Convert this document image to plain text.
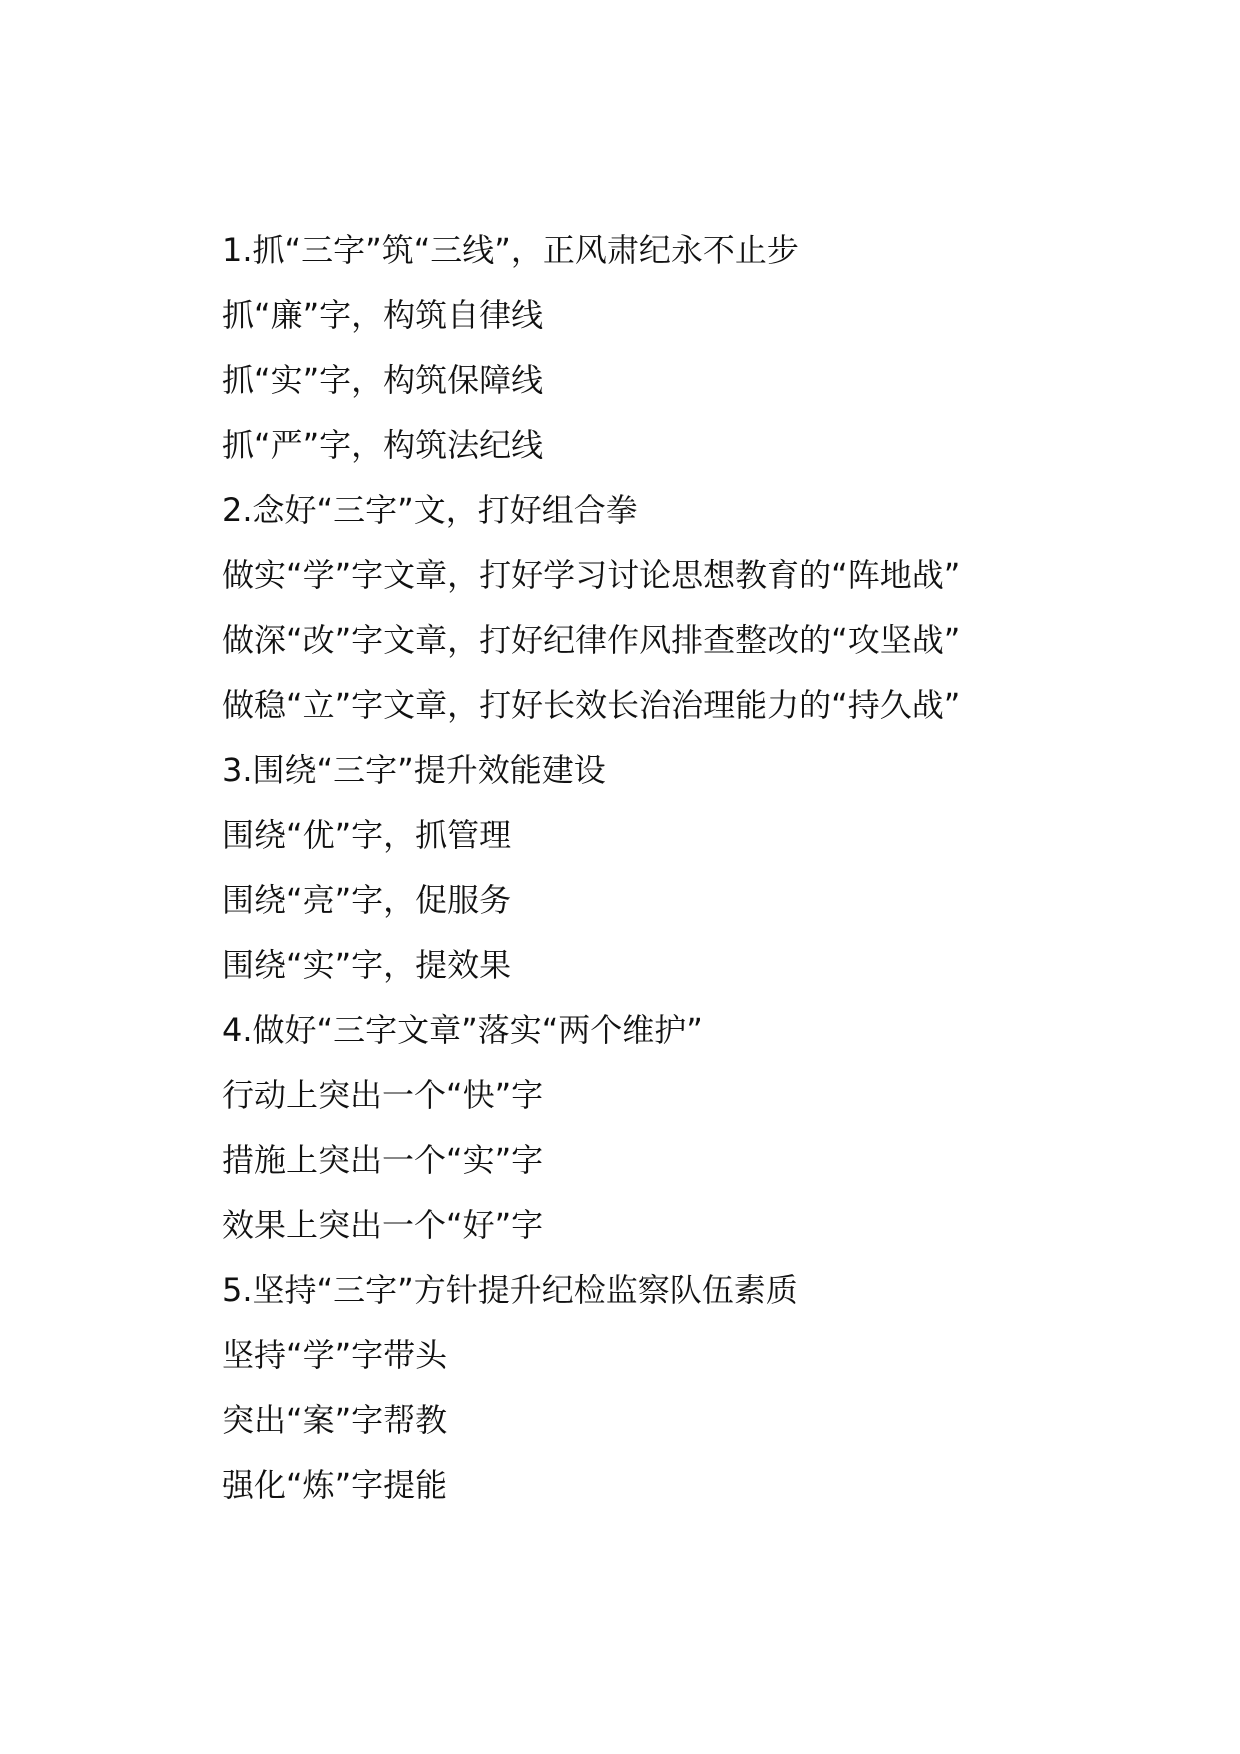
1.抓“三字”筑“三线”，正风肃纪永不止步
抓“廉”字，构筑自律线
抓“实”字，构筑保障线
抓“严”字，构筑法纪线
2.念好“三字”文，打好组合拳
做实“学”字文章，打好学习讨论思想教育的“阵地战”
做深“改”字文章，打好纪律作风排查整改的“攻坚战”
做稳“立”字文章，打好长效长治治理能力的“持久战”
3.围绕“三字”提升效能建设
围绕“优”字，抓管理
围绕“亮”字，促服务
围绕“实”字，提效果
4.做好“三字文章”落实“两个维护”
行动上突出一个“快”字
措施上突出一个“实”字
效果上突出一个“好”字
5.坚持“三字”方针提升纪检监察队伍素质
坚持“学”字带头
突出“案”字帮教
强化“炼”字提能
